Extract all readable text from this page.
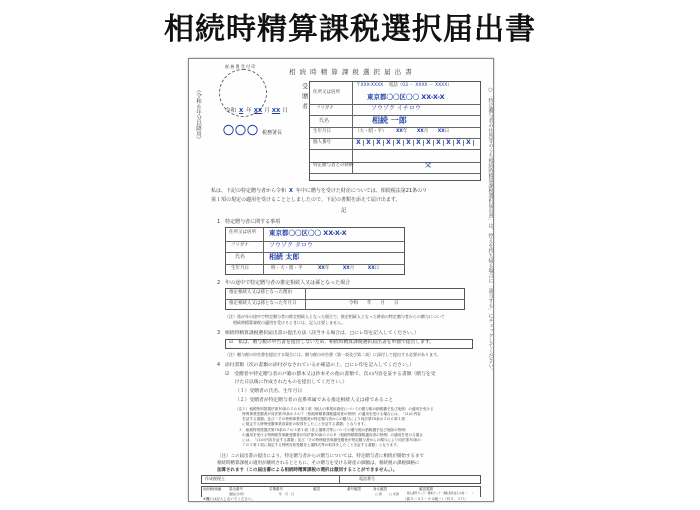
相続時精算課税選択届出書
税 務 署 受 付 印
（令和６年分以降用）	○「特定贈与者の住所等のうち相続時精算課税選択届出書」は、控えを持ち帰る場合に「該当する」にチェックしてください。
相 続 時 精 算 課 税 選 択 届 出 書
令和 X 年 XX 月 XX 日
〇〇〇 税務署長
受贈者 住所又は居所
〒XXX-XXXX 電話（03 － XXXX － XXXX）
東京都〇〇区〇〇 XX-X-X
フリガナ	ソウゾク イチロウ
氏名	相続 一郎
生年月日	（大・昭・平） XX年 XX月 XX日
個人番号	X X X X X X X X X X X X
特定贈与者との続柄	父
私は、下記の特定贈与者から令和 X 年中に贈与を受けた財産については、相続税法第21条の９
第１項の規定の適用を受けることとしましたので、下記の書類を添えて届け出ます。
記
1　特定贈与者に関する事項
住所又は居所 東京都〇〇区〇〇 XX-X-X
フリガナ	ソウゾク タロウ
氏名	相続 太郎
生年月日	明・大・昭・平	XX年	XX月	XX日
2　年の途中で特定贈与者の推定相続人又は孫となった場合
推定相続人又は孫となった理由
推定相続人又は孫となった年月日	令和　　年　　月　　日
（注）孫が年の途中で特定贈与者の推定相続人となった場合で、推定相続人となった時前の特定贈与者からの贈与について
　　相続時精算課税の適用を受けるときには、記入は要しません。
3　相続時精算課税選択届出書の提出方法（該当する場合は、□にレ印を記入してください。）
☑　私は、贈与税の申告書を提出しないため、相続時精算課税選択届出書を単独で提出します。
（注）贈与税の申告書を提出する場合には、贈与税の申告書（第一表及び第二表）に添付して提出する必要があります。
4　添付書類（次の書類の添付がなされているか確認の上、□にレ印を記入してください。）
☑　受贈者や特定贈与者の戸籍の謄本又は抄本その他の書類で、次の内容を証する書類（贈与を受
　　けた日以後に作成されたものを提出してください。）
（１）受贈者の氏名、生年月日
（２）受贈者が特定贈与者の直系卑属である推定相続人又は孫であること
（注１）租税特別措置法第70条の２の６第１項（個人の事業用資産についての贈与税の納税猶予及び免除）の適用を受ける
　　特例事業受贈者が同法第70条の２の７（相続時精算課税適用者の特例）の適用を受ける場合には、「(1)の内容
　　を証する書類」及び「その特例事業受贈者が特定贈与者からの贈与により同法第70条の２の６第１項
　　に規定する特例受贈事業用資産の取得をしたことを証する書類」となります。
　２　租税特別措置法第70条の７の５第１項（非上場株式等についての贈与税の納税猶予及び免除の特例）
　　の適用を受ける特例経営承継受贈者が同法第70条の２の８（相続時精算課税適用者の特例）の適用を受ける場合
　　には、「(1)の内容を証する書類」及び「その特例経営承継受贈者が特定贈与者からの贈与により同法第70条の
　　７の５第１項に規定する特例対象受贈非上場株式等の取得をしたことを証する書類」となります。
（注）この届出書の提出により、特定贈与者からの贈与については、特定贈与者に相続が開始するまで
相続時精算課税の適用が継続されるとともに、その贈与を受ける財産の価額は、相続税の課税価格に
加算されます（この届出書による相続時精算課税の選択は撤回することができません。）。
作成税理士	電話番号
税務署整理欄 届出番号	名簿番号	確認	番号確認	身元確認	確認書類
通信日付印	年　月　日	□ 済 □ 未済	個人番号カード／通知カード・運転免許証その他（　　）
※欄には記入しないでください。	（資５－４２－Ａ４統一）（Ｒ５．１０）
